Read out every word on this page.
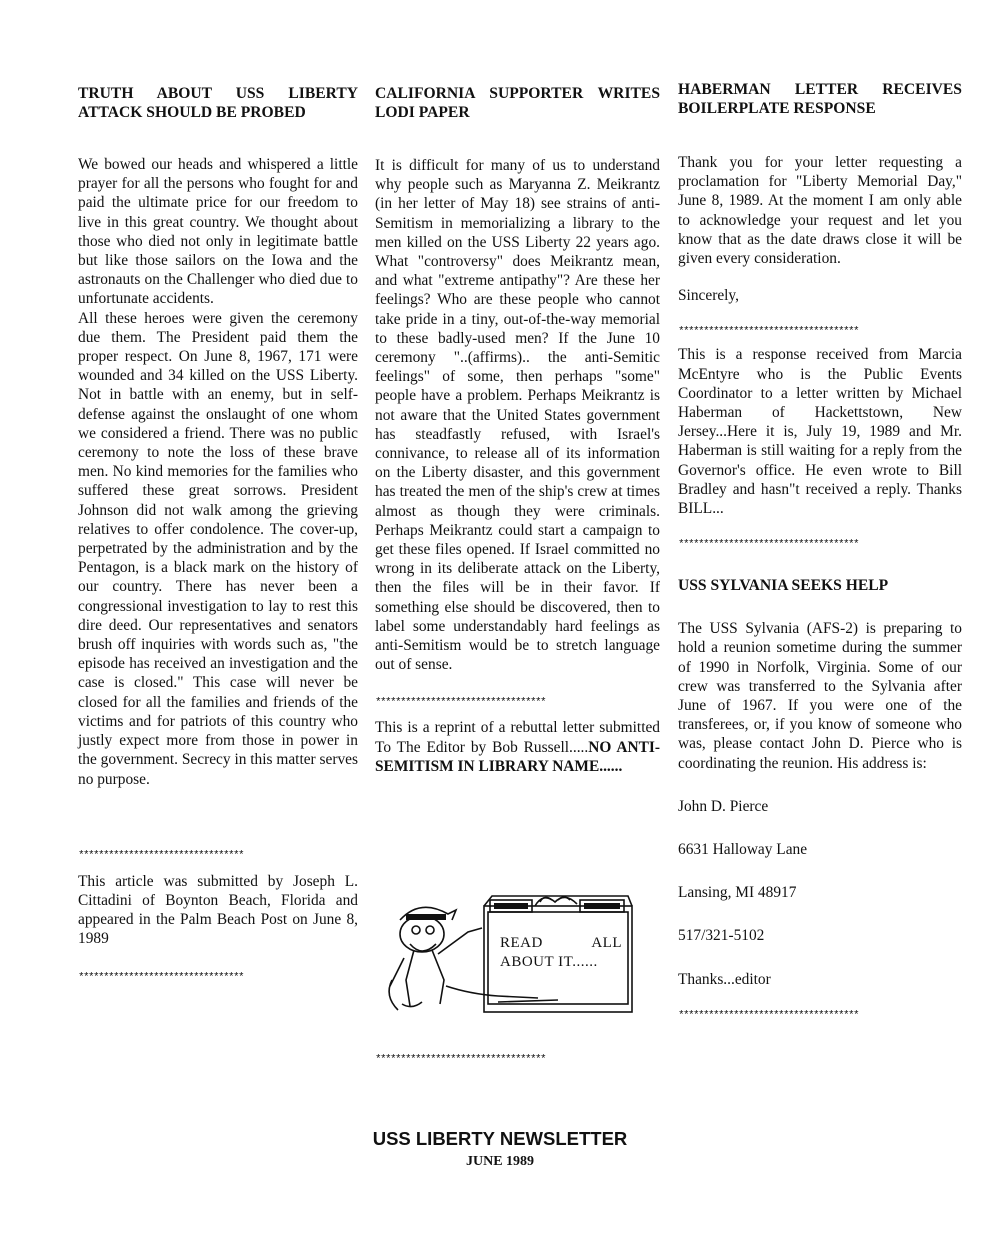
TRUTH ABOUT USS LIBERTY
ATTACK SHOULD BE PROBED

We bowed our heads and whispered a little prayer for all the persons who fought for and paid the ultimate price for our freedom to live in this great country. We thought about those who died not only in legitimate battle but like those sailors on the Iowa and the astronauts on the Challenger who died due to unfortunate accidents.

All these heroes were given the ceremony due them. The President paid them the proper respect. On June 8, 1967, 171 were wounded and 34 killed on the USS Liberty. Not in battle with an enemy, but in self-defense against the onslaught of one whom we considered a friend. There was no public ceremony to note the loss of these brave men. No kind memories for the families who suffered these great sorrows. President Johnson did not walk among the grieving relatives to offer condolence. The cover-up, perpetrated by the administration and by the Pentagon, is a black mark on the history of our country. There has never been a congressional investigation to lay to rest this dire deed. Our representatives and senators brush off inquiries with words such as, "the episode has received an investigation and the case is closed." This case will never be closed for all the families and friends of the victims and for patriots of this country who justly expect more from those in power in the government. Secrecy in this matter serves no purpose.

*********************************

This article was submitted by Joseph L. Cittadini of Boynton Beach, Florida and appeared in the Palm Beach Post on June 8, 1989

*********************************
CALIFORNIA SUPPORTER WRITES
LODI PAPER

It is difficult for many of us to understand why people such as Maryanna Z. Meikrantz (in her letter of May 18) see strains of anti-Semitism in memorializing a library to the men killed on the USS Liberty 22 years ago. What "controversy" does Meikrantz mean, and what "extreme antipathy"? Are these her feelings? Who are these people who cannot take pride in a tiny, out-of-the-way memorial to these badly-used men? If the June 10 ceremony "..(affirms).. the anti-Semitic feelings" of some, then perhaps "some" people have a problem. Perhaps Meikrantz is not aware that the United States government has steadfastly refused, with Israel's connivance, to release all of its information on the Liberty disaster, and this government has treated the men of the ship's crew at times almost as though they were criminals. Perhaps Meikrantz could start a campaign to get these files opened. If Israel committed no wrong in its deliberate attack on the Liberty, then the files will be in their favor. If something else should be discovered, then to label some understandably hard feelings as anti-Semitism would be to stretch language out of sense.

**********************************

This is a reprint of a rebuttal letter submitted To The Editor by Bob Russell.....NO ANTI-SEMITISM IN LIBRARY NAME......

READ	ALL
ABOUT IT......
**********************************
HABERMAN LETTER RECEIVES
BOILERPLATE RESPONSE

Thank you for your letter requesting a proclamation for "Liberty Memorial Day," June 8, 1989. At the moment I am only able to acknowledge your request and let you know that as the date draws close it will be given every consideration.

Sincerely,

************************************

This is a response received from Marcia McEntyre who is the Public Events Coordinator to a letter written by Michael Haberman of Hackettstown, New Jersey...Here it is, July 19, 1989 and Mr. Haberman is still waiting for a reply from the Governor's office. He even wrote to Bill Bradley and hasn"t received a reply. Thanks BILL...

************************************
USS SYLVANIA SEEKS HELP

The USS Sylvania (AFS-2) is preparing to hold a reunion sometime during the summer of 1990 in Norfolk, Virginia. Some of our crew was transferred to the Sylvania after June of 1967. If you were one of the transferees, or, if you know of someone who was, please contact John D. Pierce who is coordinating the reunion. His address is:

John D. Pierce

6631 Halloway Lane

Lansing, MI 48917

517/321-5102

Thanks...editor

************************************
USS LIBERTY NEWSLETTER
JUNE 1989
